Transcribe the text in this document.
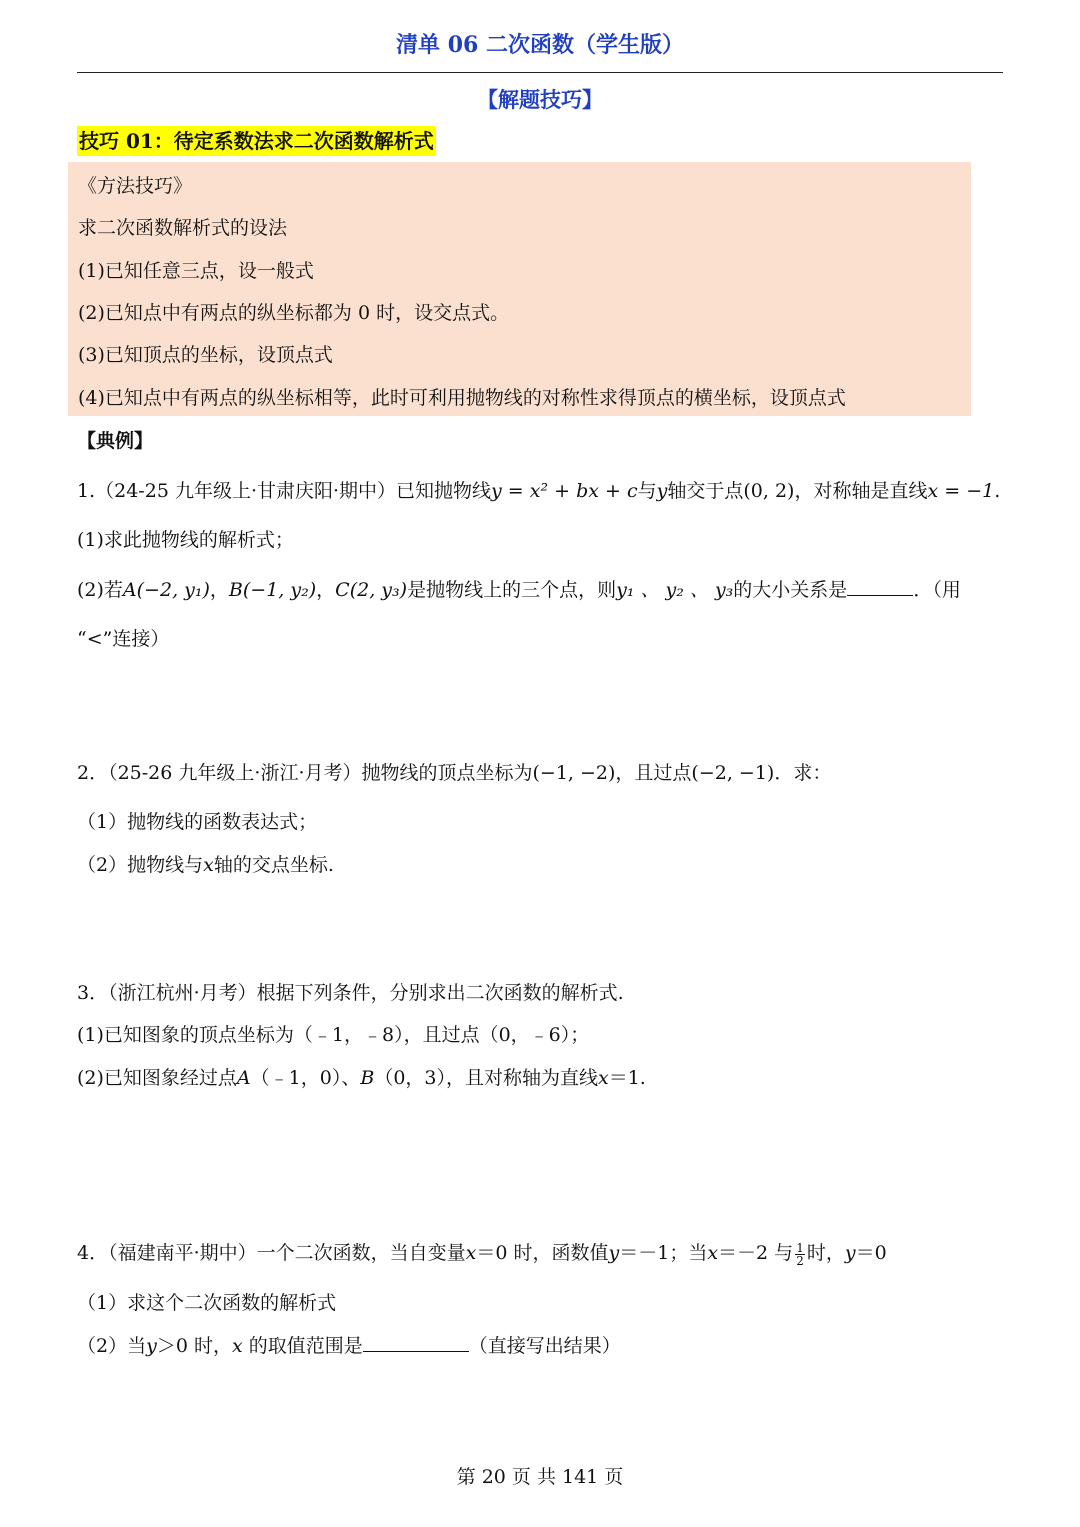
清单 06 二次函数（学生版）
【解题技巧】
技巧 01：待定系数法求二次函数解析式
《方法技巧》
求二次函数解析式的设法
(1)已知任意三点，设一般式
(2)已知点中有两点的纵坐标都为 0 时，设交点式。
(3)已知顶点的坐标，设顶点式
(4)已知点中有两点的纵坐标相等，此时可利用抛物线的对称性求得顶点的横坐标，设顶点式
【典例】
1.（24-25 九年级上·甘肃庆阳·期中）已知抛物线y = x² + bx + c与y轴交于点(0, 2)，对称轴是直线x = −1.
(1)求此抛物线的解析式；
(2)若A(−2, y₁)，B(−1, y₂)，C(2, y₃)是抛物线上的三个点，则y₁ 、 y₂ 、 y₃的大小关系是	．（用
“<”连接）
2．（25-26 九年级上·浙江·月考）抛物线的顶点坐标为(−1, −2)，且过点(−2, −1)．求：
（1）抛物线的函数表达式；
（2）抛物线与x轴的交点坐标.
3．（浙江杭州·月考）根据下列条件，分别求出二次函数的解析式.
(1)已知图象的顶点坐标为（﹣1，﹣8），且过点（0，﹣6）；
(2)已知图象经过点A（﹣1，0）、B（0，3），且对称轴为直线x＝1.
4．（福建南平·期中）一个二次函数，当自变量x＝0 时，函数值y＝－1；当x＝－2 与 $\frac{1}{2}$ 时，y＝0
（1）求这个二次函数的解析式
（2）当y＞0 时，x 的取值范围是	（直接写出结果）
第 20 页 共 141 页
